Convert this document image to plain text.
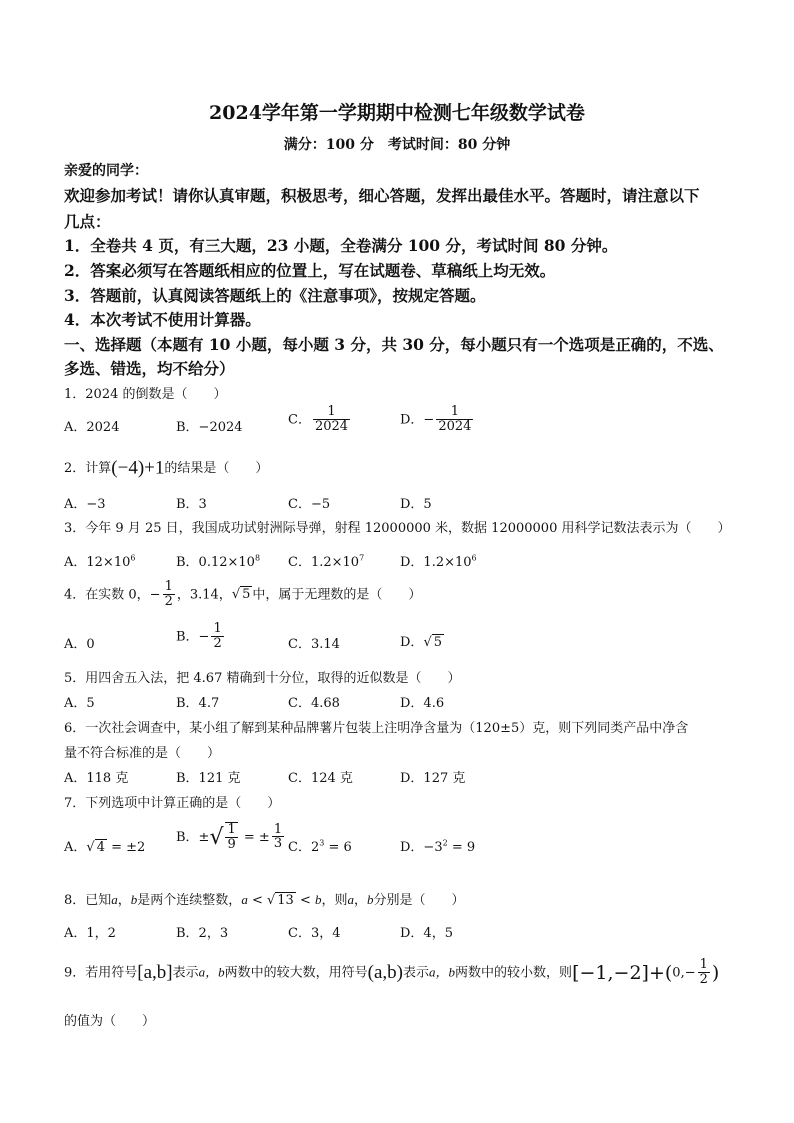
2024学年第一学期期中检测七年级数学试卷
满分：100 分　考试时间：80 分钟
亲爱的同学：
欢迎参加考试！请你认真审题，积极思考，细心答题，发挥出最佳水平。答题时，请注意以下
几点：
1．全卷共 4 页，有三大题，23 小题，全卷满分 100 分，考试时间 80 分钟。
2．答案必须写在答题纸相应的位置上，写在试题卷、草稿纸上均无效。
3．答题前，认真阅读答题纸上的《注意事项》，按规定答题。
4．本次考试不使用计算器。
一、选择题（本题有 10 小题，每小题 3 分，共 30 分，每小题只有一个选项是正确的，不选、
多选、错选，均不给分）
1．2024 的倒数是（　　）
A．2024	B．−2024
C． $\frac{1}{2024}$	D．− $\frac{1}{2024}$
2．计算(−4)+1的结果是（　　）
A．−3	B．3	C．−5	D．5
3．今年 9 月 25 日，我国成功试射洲际导弹，射程 12000000 米，数据 12000000 用科学记数法表示为（　　）
A．$12\times 10^6$	B．$0.12\times 10^8$ C．$1.2\times 10^7$	D．$1.2\times 10^6$
4．在实数 0，− $\frac{1}{2}$ ，3.14，√ 5 中，属于无理数的是（　　）
A．0
B．− $\frac{1}{2}$	C．3.14	D．√ 5
5．用四舍五入法，把 4.67 精确到十分位，取得的近似数是（　　）
A．5	B．4.7	C．4.68	D．4.6
6．一次社会调查中，某小组了解到某种品牌薯片包装上注明净含量为（120±5）克，则下列同类产品中净含
量不符合标准的是（　　）
A．118 克	B．121 克	C．124 克	D．127 克
7．下列选项中计算正确的是（　　）
A．√ 4 = ±2
B．±√ $\frac{1}{9}$ = ± $\frac{1}{3}$ C．$2^3 = 6$	D．$-3^2 = 9$
8．已知a，b是两个连续整数，a < √ 13 < b，则a，b分别是（　　）
A．1，2	B．2，3	C．3，4	D．4，5
9．若用符号[a,b]表示a，b两数中的较大数，用符号(a,b)表示a，b两数中的较小数，则$[-1,-2]+(0,- \frac{1}{2}$ )
的值为（　　）
